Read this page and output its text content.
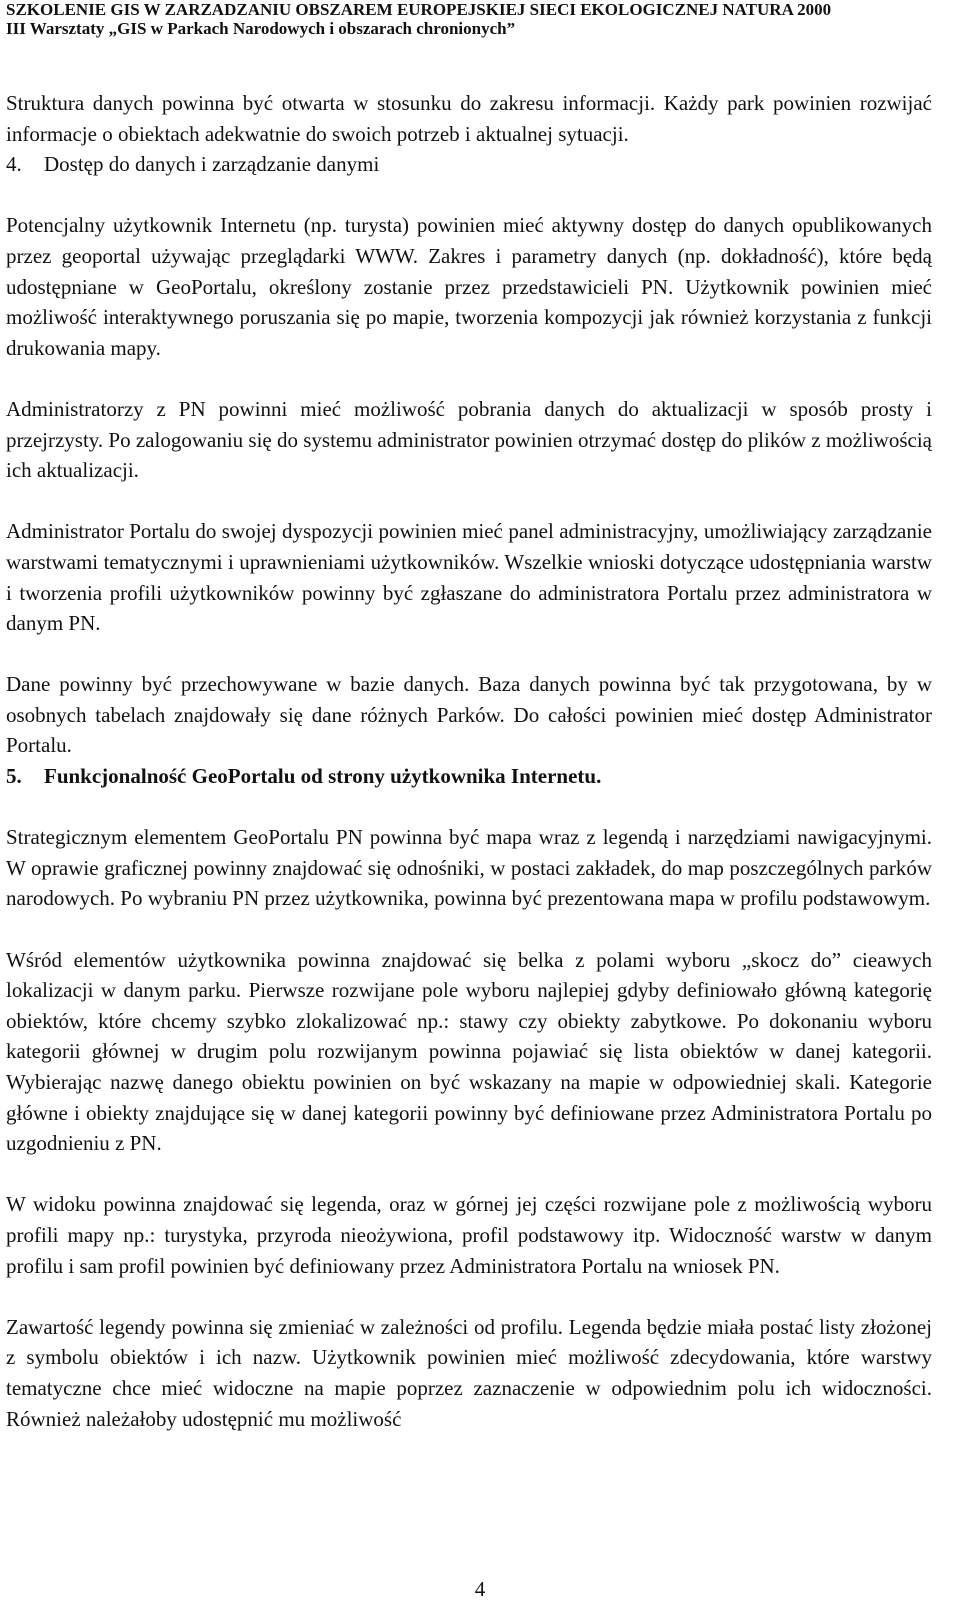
SZKOLENIE GIS W ZARZADZANIU OBSZAREM EUROPEJSKIEJ SIECI EKOLOGICZNEJ NATURA 2000
III Warsztaty „GIS w Parkach Narodowych i obszarach chronionych”

Struktura danych powinna być otwarta w stosunku do zakresu informacji. Każdy park powinien rozwijać informacje o obiektach adekwatnie do swoich potrzeb i aktualnej sytuacji.

4. Dostęp do danych i zarządzanie danymi

Potencjalny użytkownik Internetu (np. turysta) powinien mieć aktywny dostęp do danych opublikowanych przez geoportal używając przeglądarki WWW. Zakres i parametry danych (np. dokładność), które będą udostępniane w GeoPortalu, określony zostanie przez przedstawicieli PN. Użytkownik powinien mieć możliwość interaktywnego poruszania się po mapie, tworzenia kompozycji jak również korzystania z funkcji drukowania mapy.

Administratorzy z PN powinni mieć możliwość pobrania danych do aktualizacji w sposób prosty i przejrzysty. Po zalogowaniu się do systemu administrator powinien otrzymać dostęp do plików z możliwością ich aktualizacji.

Administrator Portalu do swojej dyspozycji powinien mieć panel administracyjny, umożliwiający zarządzanie warstwami tematycznymi i uprawnieniami użytkowników. Wszelkie wnioski dotyczące udostępniania warstw i tworzenia profili użytkowników powinny być zgłaszane do administratora Portalu przez administratora w danym PN.

Dane powinny być przechowywane w bazie danych. Baza danych powinna być tak przygotowana, by w osobnych tabelach znajdowały się dane różnych Parków. Do całości powinien mieć dostęp Administrator Portalu.

5. Funkcjonalność GeoPortalu od strony użytkownika Internetu.

Strategicznym elementem GeoPortalu PN powinna być mapa wraz z legendą i narzędziami nawigacyjnymi. W oprawie graficznej powinny znajdować się odnośniki, w postaci zakładek, do map poszczególnych parków narodowych. Po wybraniu PN przez użytkownika, powinna być prezentowana mapa w profilu podstawowym.

Wśród elementów użytkownika powinna znajdować się belka z polami wyboru „skocz do” cieawych lokalizacji w danym parku. Pierwsze rozwijane pole wyboru najlepiej gdyby definiowało główną kategorię obiektów, które chcemy szybko zlokalizować np.: stawy czy obiekty zabytkowe. Po dokonaniu wyboru kategorii głównej w drugim polu rozwijanym powinna pojawiać się lista obiektów w danej kategorii. Wybierając nazwę danego obiektu powinien on być wskazany na mapie w odpowiedniej skali. Kategorie główne i obiekty znajdujące się w danej kategorii powinny być definiowane przez Administratora Portalu po uzgodnieniu z PN.

W widoku powinna znajdować się legenda, oraz w górnej jej części rozwijane pole z możliwością wyboru profili mapy np.: turystyka, przyroda nieożywiona, profil podstawowy itp. Widoczność warstw w danym profilu i sam profil powinien być definiowany przez Administratora Portalu na wniosek PN.

Zawartość legendy powinna się zmieniać w zależności od profilu. Legenda będzie miała postać listy złożonej z symbolu obiektów i ich nazw. Użytkownik powinien mieć możliwość zdecydowania, które warstwy tematyczne chce mieć widoczne na mapie poprzez zaznaczenie w odpowiednim polu ich widoczności. Również należałoby udostępnić mu możliwość

4
